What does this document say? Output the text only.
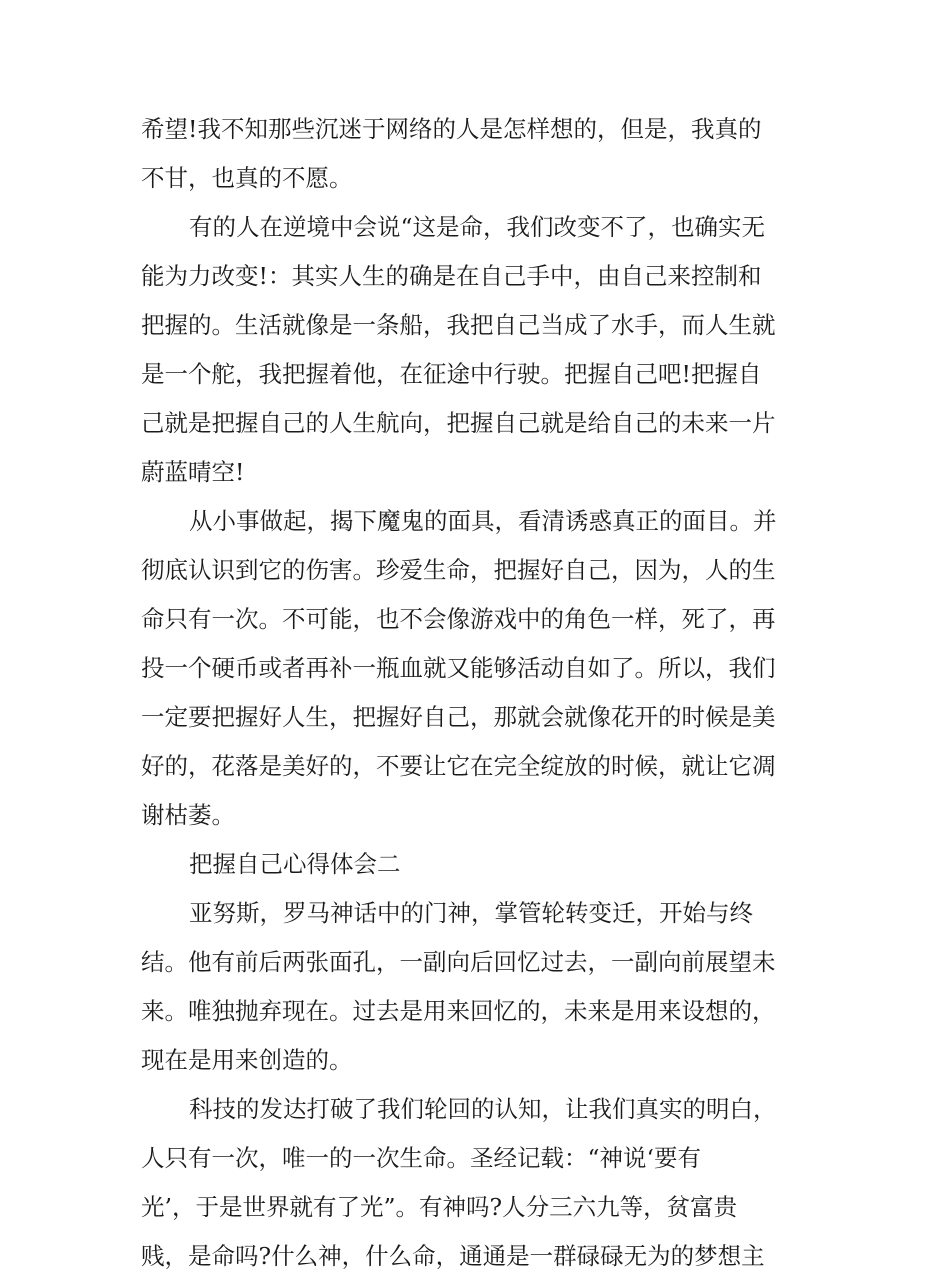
希望!我不知那些沉迷于网络的人是怎样想的，但是，我真的
不甘，也真的不愿。
有的人在逆境中会说“这是命，我们改变不了，也确实无
能为力改变!：其实人生的确是在自己手中，由自己来控制和
把握的。生活就像是一条船，我把自己当成了水手，而人生就
是一个舵，我把握着他，在征途中行驶。把握自己吧!把握自
己就是把握自己的人生航向，把握自己就是给自己的未来一片
蔚蓝晴空!
从小事做起，揭下魔鬼的面具，看清诱惑真正的面目。并
彻底认识到它的伤害。珍爱生命，把握好自己，因为，人的生
命只有一次。不可能，也不会像游戏中的角色一样，死了，再
投一个硬币或者再补一瓶血就又能够活动自如了。所以，我们
一定要把握好人生，把握好自己，那就会就像花开的时候是美
好的，花落是美好的，不要让它在完全绽放的时候，就让它凋
谢枯萎。
把握自己心得体会二
亚努斯，罗马神话中的门神，掌管轮转变迁，开始与终
结。他有前后两张面孔，一副向后回忆过去，一副向前展望未
来。唯独抛弃现在。过去是用来回忆的，未来是用来设想的，
现在是用来创造的。
科技的发达打破了我们轮回的认知，让我们真实的明白，
人只有一次，唯一的一次生命。圣经记载：“神说‘要有
光’，于是世界就有了光”。有神吗?人分三六九等，贫富贵
贱，是命吗?什么神，什么命，通通是一群碌碌无为的梦想主
